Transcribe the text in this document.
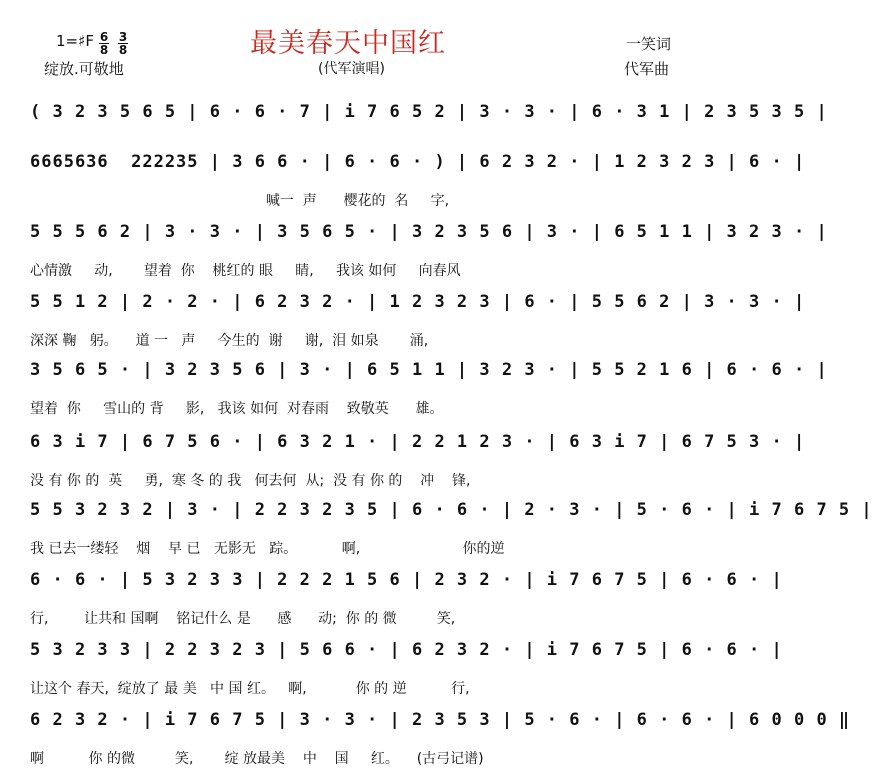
1=♯F 6
8
3
8
绽放.可敬地
最美春天中国红
(代军演唱)
一笑词
代军曲
( 3 2 3 5 6 5 | 6 · 6 · 7 | i 7 6 5 2 | 3 · 3 · | 6 · 3 1 | 2 3 5 3 5 |
6665636  222235 | 3 6 6 · | 6 · 6 · ) | 6 2 3 2 · | 1 2 3 2 3 | 6 · |
喊一  声      樱花的  名     字,
5 5 5 6 2 | 3 · 3 · | 3 5 6 5 · | 3 2 3 5 6 | 3 · | 6 5 1 1 | 3 2 3 · |
心情激     动,       望着  你    桃红的 眼     睛,     我该 如何     向春风
5 5 1 2 | 2 · 2 · | 6 2 3 2 · | 1 2 3 2 3 | 6 · | 5 5 6 2 | 3 · 3 · |
深深 鞠   躬。    道 一   声     今生的  谢     谢,  泪 如泉       涌,
3 5 6 5 · | 3 2 3 5 6 | 3 · | 6 5 1 1 | 3 2 3 · | 5 5 2 1 6 | 6 · 6 · |
望着  你     雪山的 背     影,   我该 如何  对春雨    致敬英      雄。
6 3 i 7 | 6 7 5 6 · | 6 3 2 1 · | 2 2 1 2 3 · | 6 3 i 7 | 6 7 5 3 · |
没 有 你 的  英     勇,  寒 冬 的 我   何去何  从;  没 有 你 的    冲    锋,
5 5 3 2 3 2 | 3 · | 2 2 3 2 3 5 | 6 · 6 · | 2 · 3 · | 5 · 6 · | i 7 6 7 5 |
我 已去一缕轻    烟    早 已   无影无   踪。          啊,                       你的逆
6 · 6 · | 5 3 2 3 3 | 2 2 2 1 5 6 | 2 3 2 · | i 7 6 7 5 | 6 · 6 · |
行,        让共和 国啊    铭记什么 是      感      动;  你 的 微         笑,
5 3 2 3 3 | 2 2 3 2 3 | 5 6 6 · | 6 2 3 2 · | i 7 6 7 5 | 6 · 6 · |
让这个 春天,  绽放了 最 美   中 国 红。   啊,           你 的 逆          行,
6 2 3 2 · | i 7 6 7 5 | 3 · 3 · | 2 3 5 3 | 5 · 6 · | 6 · 6 · | 6 0 0 0 ‖
啊          你 的微         笑,       绽 放最美    中    国     红。    (古弓记谱)
